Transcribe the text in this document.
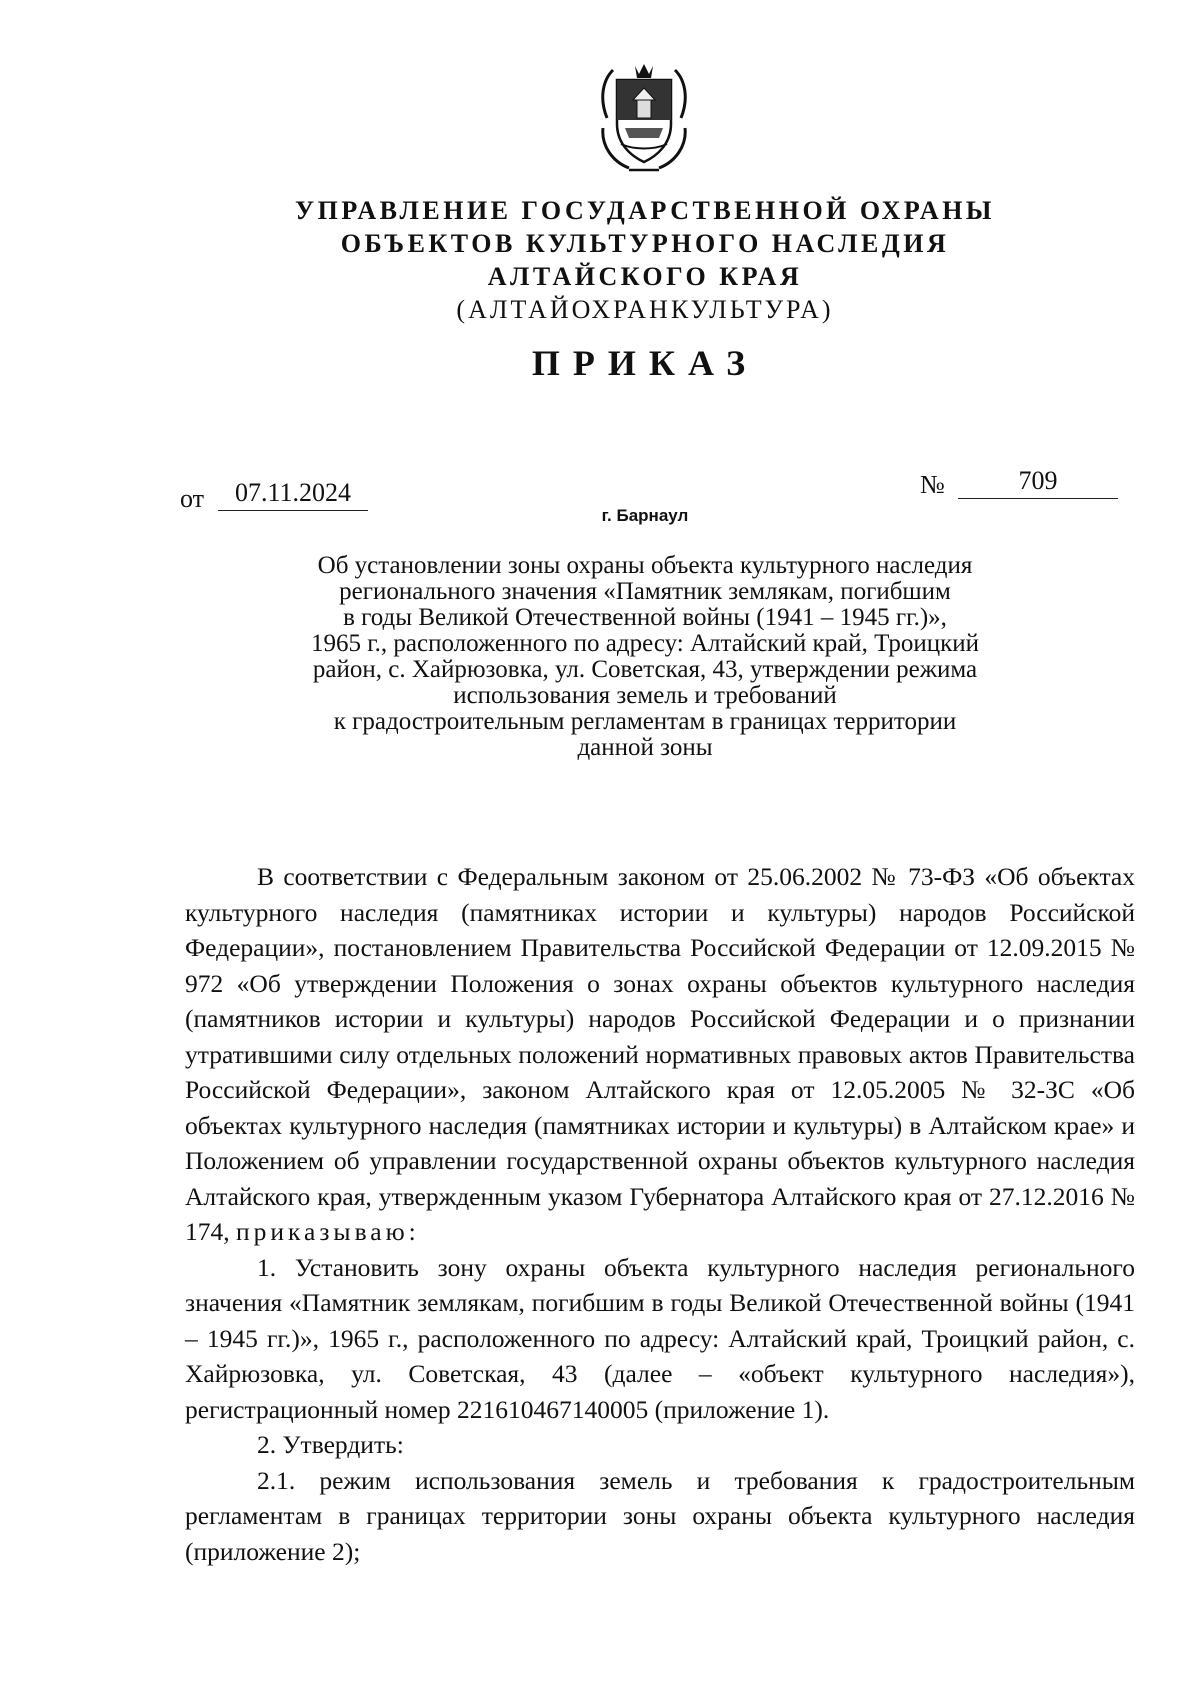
УПРАВЛЕНИЕ ГОСУДАРСТВЕННОЙ ОХРАНЫ
ОБЪЕКТОВ КУЛЬТУРНОГО НАСЛЕДИЯ
АЛТАЙСКОГО КРАЯ
(АЛТАЙОХРАНКУЛЬТУРА)
ПРИКАЗ
от	07.11.2024	№	709
г. Барнаул
Об установлении зоны охраны объекта культурного наследия
регионального значения «Памятник землякам, погибшим
в годы Великой Отечественной войны (1941 – 1945 гг.)»,
1965 г., расположенного по адресу: Алтайский край, Троицкий
район, с. Хайрюзовка, ул. Советская, 43, утверждении режима
использования земель и требований
к градостроительным регламентам в границах территории
данной зоны

В соответствии с Федеральным законом от 25.06.2002 № 73-ФЗ «Об объектах культурного наследия (памятниках истории и культуры) народов Российской Федерации», постановлением Правительства Российской Федерации от 12.09.2015 № 972 «Об утверждении Положения о зонах охраны объектов культурного наследия (памятников истории и культуры) народов Российской Федерации и о признании утратившими силу отдельных положений нормативных правовых актов Правительства Российской Федерации», законом Алтайского края от 12.05.2005 № 32-ЗС «Об объектах культурного наследия (памятниках истории и культуры) в Алтайском крае» и Положением об управлении государственной охраны объектов культурного наследия Алтайского края, утвержденным указом Губернатора Алтайского края от 27.12.2016 № 174, приказываю:

1. Установить зону охраны объекта культурного наследия регионального значения «Памятник землякам, погибшим в годы Великой Отечественной войны (1941 – 1945 гг.)», 1965 г., расположенного по адресу: Алтайский край, Троицкий район, с. Хайрюзовка, ул. Советская, 43 (далее – «объект культурного наследия»), регистрационный номер 221610467140005 (приложение 1).

2. Утвердить:

2.1. режим использования земель и требования к градостроительным регламентам в границах территории зоны охраны объекта культурного наследия (приложение 2);
